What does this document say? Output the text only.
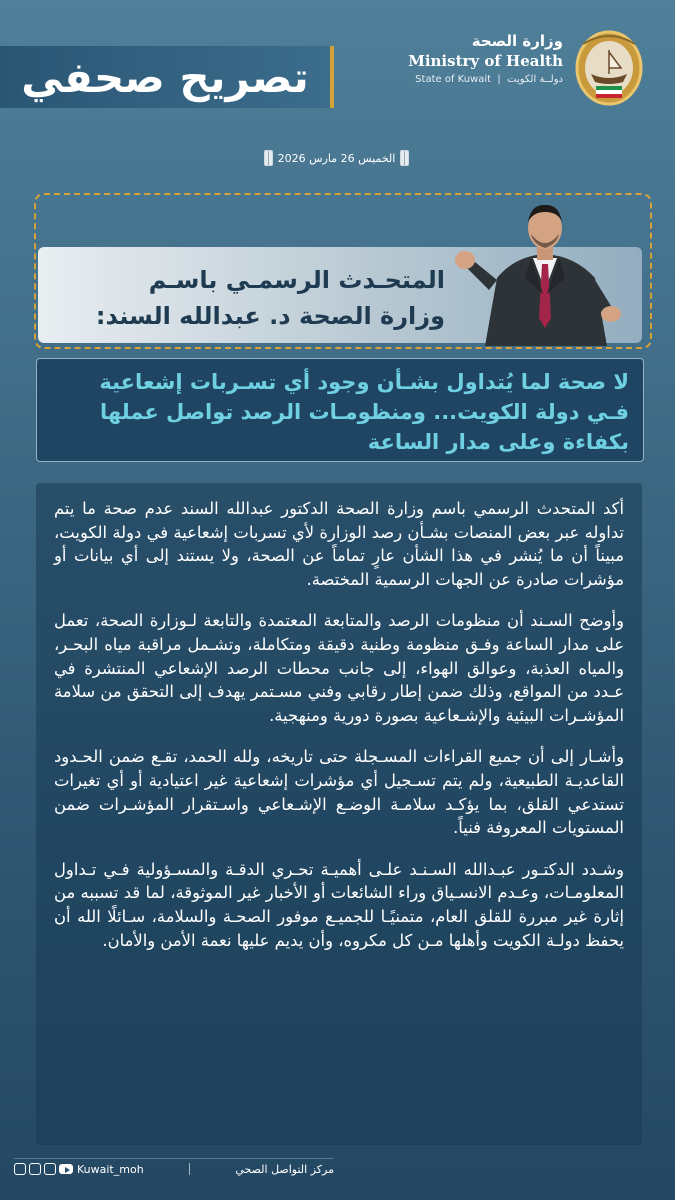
تصريح صحفي
وزارة الصحة
Ministry of Health
State of Kuwait  |  دولــة الكويت
الخميس 26 مارس 2026
المتحـدث الرسمـي باسـم
وزارة الصحة د. عبدالله السند:

لا صحة لما يُتداول بشـأن وجود أي تسـربات إشعاعية فـي دولة الكويت... ومنظومـات الرصد تواصل عملها بكفاءة وعلى مدار الساعة

أكد المتحدث الرسمي باسم وزارة الصحة الدكتور عبدالله السند عدم صحة ما يتم تداوله عبر بعض المنصات بشـأن رصد الوزارة لأي تسربات إشعاعية في دولة الكويت، مبيناً أن ما يُنشر في هذا الشأن عارٍ تماماً عن الصحة، ولا يستند إلى أي بيانات أو مؤشرات صادرة عن الجهات الرسمية المختصة.

وأوضح السـند أن منظومات الرصد والمتابعة المعتمدة والتابعة لـوزارة الصحة، تعمل على مدار الساعة وفـق منظومة وطنية دقيقة ومتكاملة، وتشـمل مراقبة مياه البحـر، والمياه العذبة، وعوالق الهواء، إلى جانب محطات الرصد الإشعاعي المنتشرة في عـدد من المواقع، وذلك ضمن إطار رقابي وفني مسـتمر يهدف إلى التحقق من سلامة المؤشـرات البيئية والإشـعاعية بصورة دورية ومنهجية.

وأشـار إلى أن جميع القراءات المسـجلة حتى تاريخه، ولله الحمد، تقـع ضمن الحـدود القاعديـة الطبيعية، ولم يتم تسـجيل أي مؤشرات إشعاعية غير اعتيادية أو أي تغيرات تستدعي القلق، بما يؤكـد سلامـة الوضـع الإشـعاعي واسـتقرار المؤشـرات ضمن المستويات المعروفة فنياً.

وشـدد الدكتـور عبـدالله السـنـد علـى أهميـة تحـري الدقـة والمسـؤولية فـي تـداول المعلومـات، وعـدم الانسـياق وراء الشائعات أو الأخبار غير الموثوقة، لما قد تسببه من إثارة غير مبررة للقلق العام، متمنيًـا للجميـع موفور الصحـة والسلامة، سـائلًا الله أن يحفظ دولـة الكويت وأهلها مـن كل مكروه، وأن يديم عليها نعمة الأمن والأمان.

Kuwait_moh	مركز التواصل الصحي
